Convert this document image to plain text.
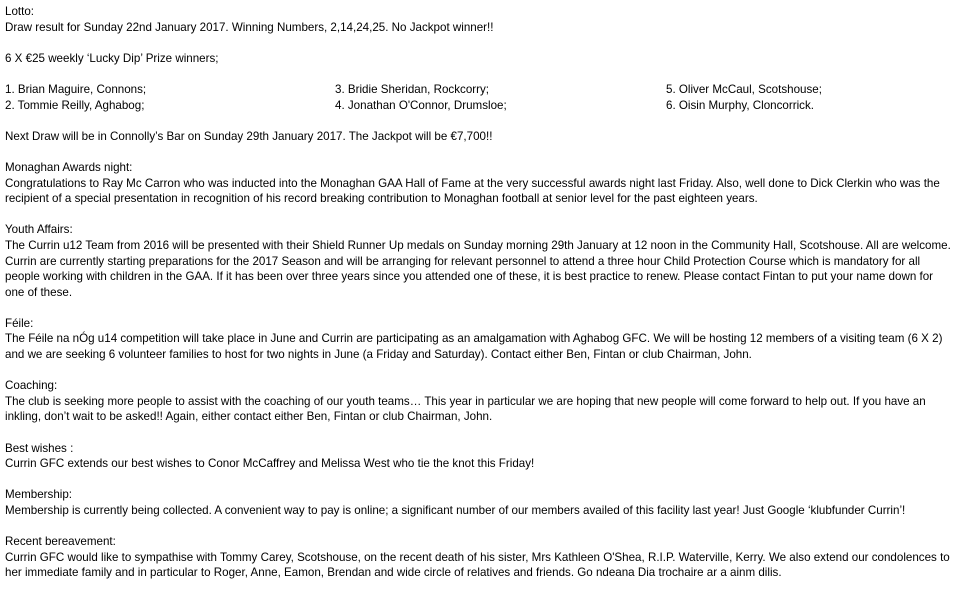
Lotto:

Draw result for Sunday 22nd January 2017. Winning Numbers, 2,14,24,25. No Jackpot winner!!

6 X €25 weekly ‘Lucky Dip’ Prize winners;

1. Brian Maguire, Connons;
2. Tommie Reilly, Aghabog;
3. Bridie Sheridan, Rockcorry;
4. Jonathan O'Connor, Drumsloe;
5. Oliver McCaul, Scotshouse;
6. Oisin Murphy, Cloncorrick.

Next Draw will be in Connolly’s Bar on Sunday 29th January 2017. The Jackpot will be €7,700!!

Monaghan Awards night:

Congratulations to Ray Mc Carron who was inducted into the Monaghan GAA Hall of Fame at the very successful awards night last Friday. Also, well done to Dick Clerkin who was the

recipient of a special presentation in recognition of his record breaking contribution to Monaghan football at senior level for the past eighteen years.

Youth Affairs:

The Currin u12 Team from 2016 will be presented with their Shield Runner Up medals on Sunday morning 29th January at 12 noon in the Community Hall, Scotshouse. All are welcome.

Currin are currently starting preparations for the 2017 Season and will be arranging for relevant personnel to attend a three hour Child Protection Course which is mandatory for all

people working with children in the GAA. If it has been over three years since you attended one of these, it is best practice to renew. Please contact Fintan to put your name down for

one of these.

Féile:

The Féile na nÓg u14 competition will take place in June and Currin are participating as an amalgamation with Aghabog GFC. We will be hosting 12 members of a visiting team (6 X 2)

and we are seeking 6 volunteer families to host for two nights in June (a Friday and Saturday). Contact either Ben, Fintan or club Chairman, John.

Coaching:

The club is seeking more people to assist with the coaching of our youth teams… This year in particular we are hoping that new people will come forward to help out. If you have an

inkling, don’t wait to be asked!! Again, either contact either Ben, Fintan or club Chairman, John.

Best wishes :

Currin GFC extends our best wishes to Conor McCaffrey and Melissa West who tie the knot this Friday!

Membership:

Membership is currently being collected. A convenient way to pay is online; a significant number of our members availed of this facility last year! Just Google ‘klubfunder Currin’!

Recent bereavement:

Currin GFC would like to sympathise with Tommy Carey, Scotshouse, on the recent death of his sister, Mrs Kathleen O'Shea, R.I.P. Waterville, Kerry. We also extend our condolences to

her immediate family and in particular to Roger, Anne, Eamon, Brendan and wide circle of relatives and friends. Go ndeana Dia trochaire ar a ainm dilis.
